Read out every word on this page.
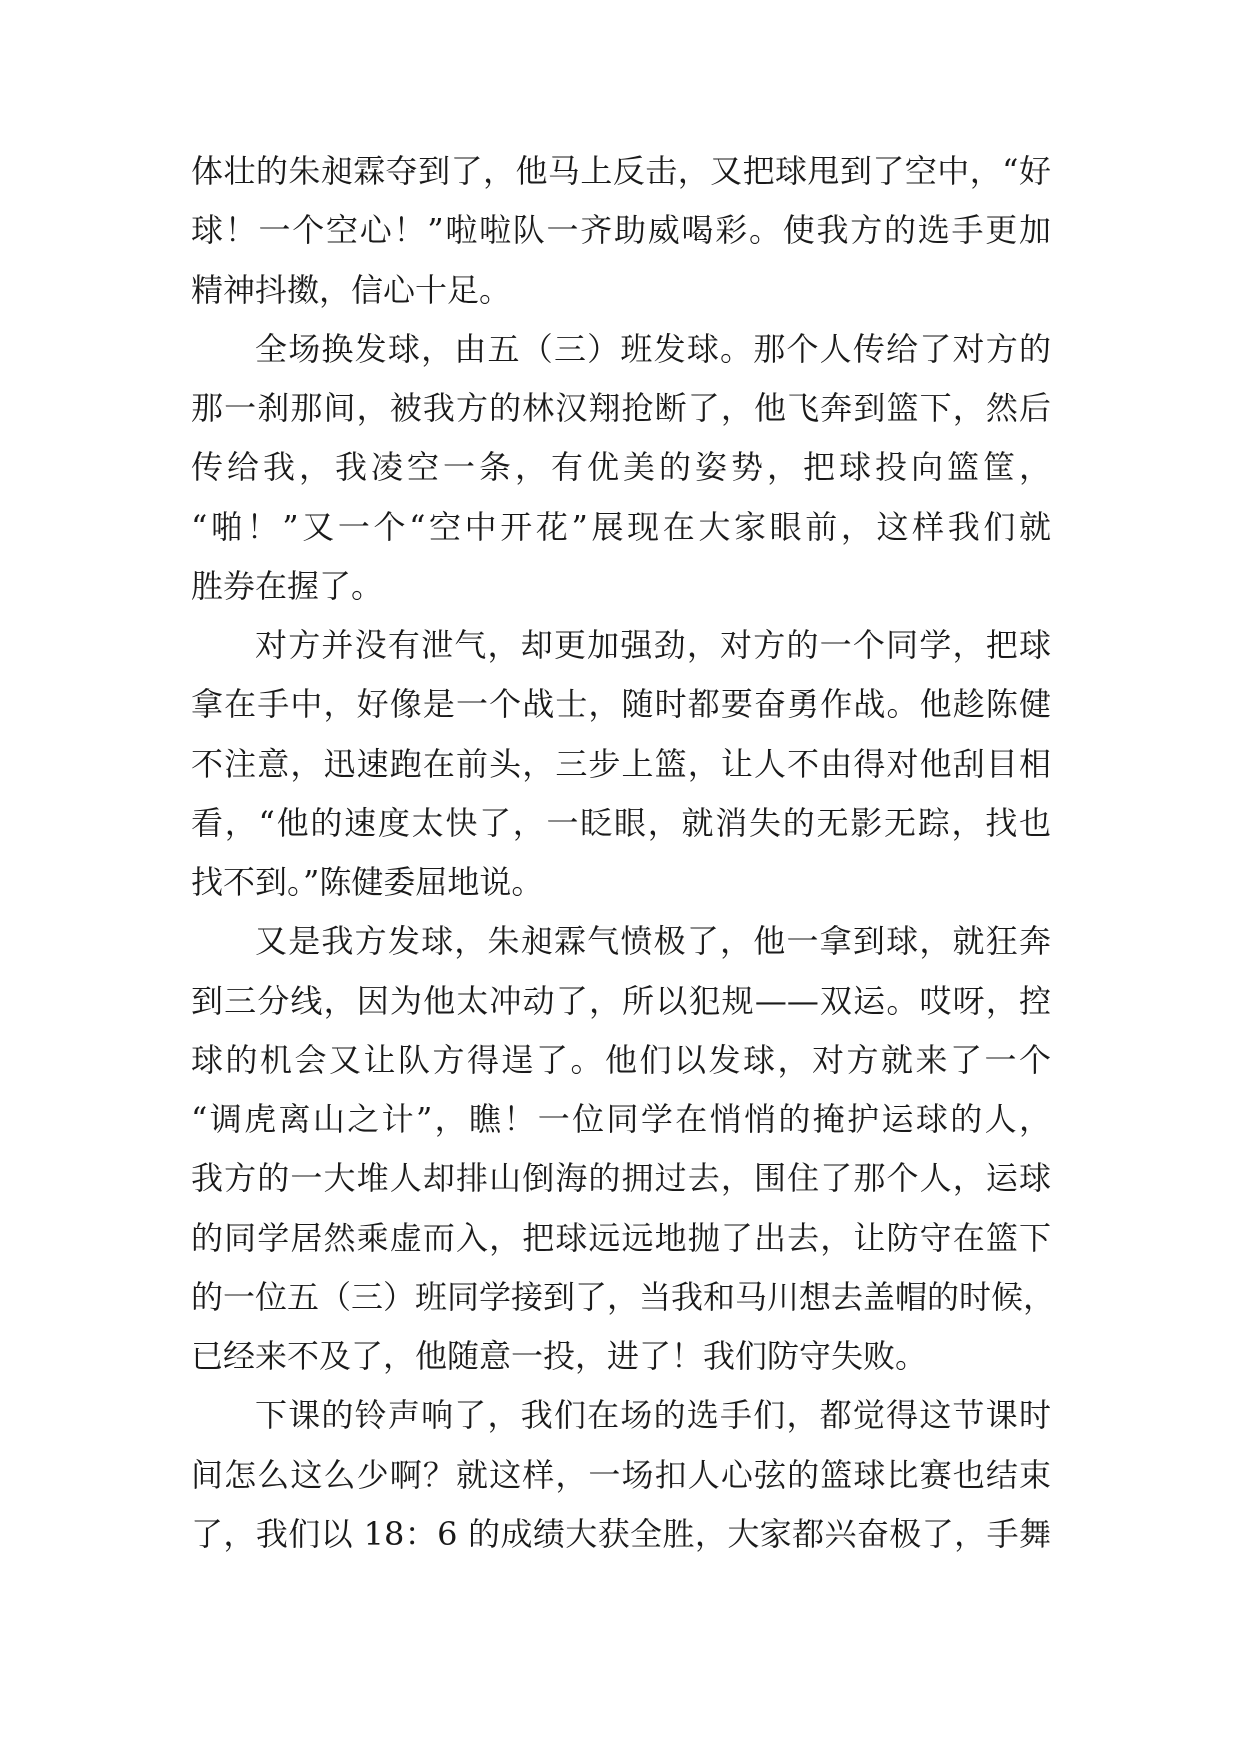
体壮的朱昶霖夺到了，他马上反击，又把球甩到了空中，“好
球！一个空心！”啦啦队一齐助威喝彩。使我方的选手更加
精神抖擞，信心十足。
全场换发球，由五（三）班发球。那个人传给了对方的
那一刹那间，被我方的林汉翔抢断了，他飞奔到篮下，然后
传给我，我凌空一条，有优美的姿势，把球投向篮筐，
“啪！”又一个“空中开花”展现在大家眼前，这样我们就
胜券在握了。
对方并没有泄气，却更加强劲，对方的一个同学，把球
拿在手中，好像是一个战士，随时都要奋勇作战。他趁陈健
不注意，迅速跑在前头，三步上篮，让人不由得对他刮目相
看，“他的速度太快了，一眨眼，就消失的无影无踪，找也
找不到。”陈健委屈地说。
又是我方发球，朱昶霖气愤极了，他一拿到球，就狂奔
到三分线，因为他太冲动了，所以犯规——双运。哎呀，控
球的机会又让队方得逞了。他们以发球，对方就来了一个
“调虎离山之计”，瞧！一位同学在悄悄的掩护运球的人，
我方的一大堆人却排山倒海的拥过去，围住了那个人，运球
的同学居然乘虚而入，把球远远地抛了出去，让防守在篮下
的一位五（三）班同学接到了，当我和马川想去盖帽的时候，
已经来不及了，他随意一投，进了！我们防守失败。
下课的铃声响了，我们在场的选手们，都觉得这节课时
间怎么这么少啊？就这样，一场扣人心弦的篮球比赛也结束
了，我们以 18：6 的成绩大获全胜，大家都兴奋极了，手舞
